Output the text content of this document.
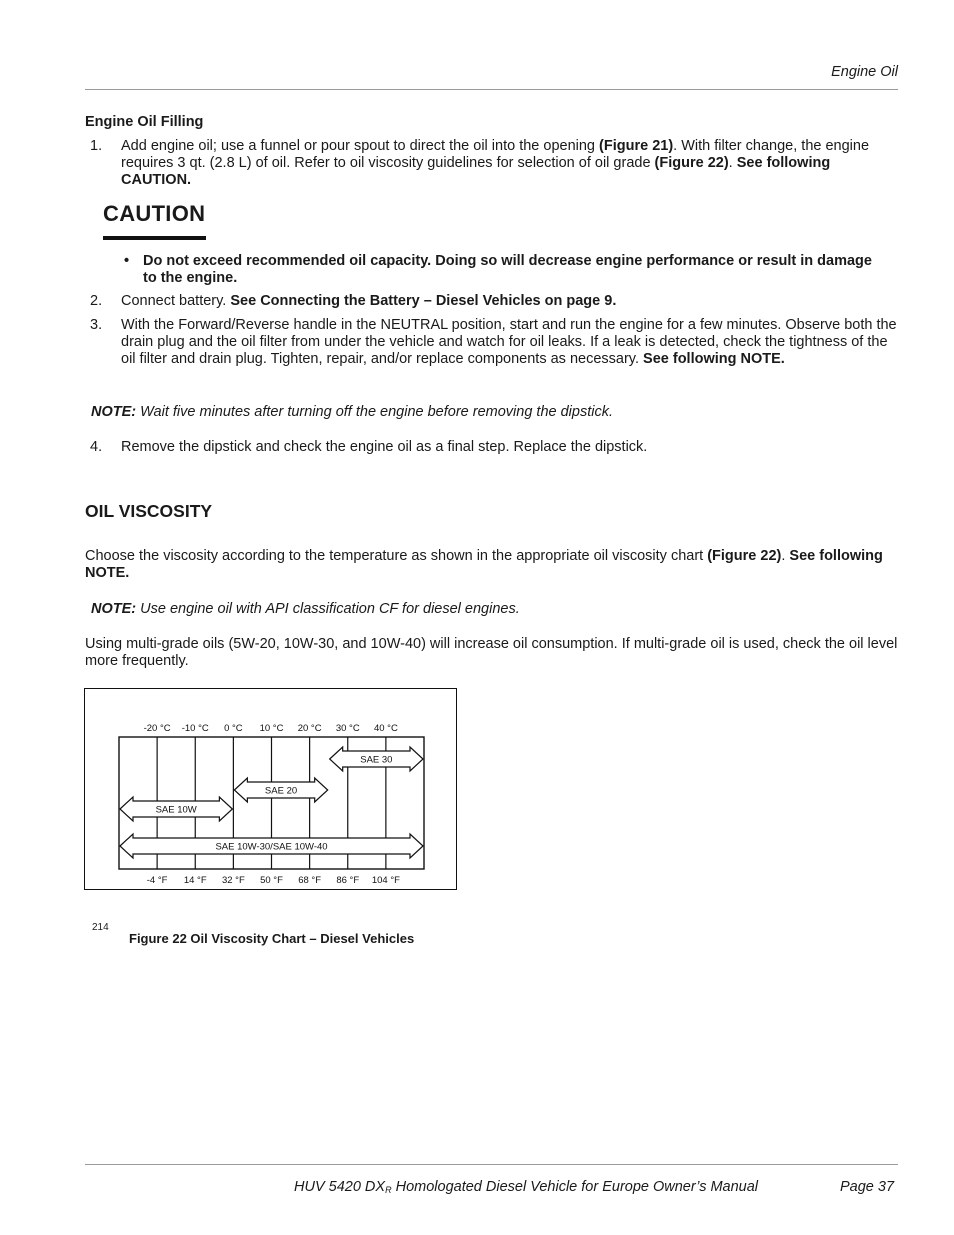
Engine Oil
Engine Oil Filling
1. Add engine oil; use a funnel or pour spout to direct the oil into the opening (Figure 21). With filter change, the engine requires 3 qt. (2.8 L) of oil. Refer to oil viscosity guidelines for selection of oil grade (Figure 22). See following CAUTION.
CAUTION
• Do not exceed recommended oil capacity. Doing so will decrease engine performance or result in damage to the engine.
2. Connect battery. See Connecting the Battery – Diesel Vehicles on page 9.
3. With the Forward/Reverse handle in the NEUTRAL position, start and run the engine for a few minutes. Observe both the drain plug and the oil filter from under the vehicle and watch for oil leaks. If a leak is detected, check the tightness of the oil filter and drain plug. Tighten, repair, and/or replace components as necessary. See following NOTE.
NOTE: Wait five minutes after turning off the engine before removing the dipstick.
4. Remove the dipstick and check the engine oil as a final step. Replace the dipstick.
OIL VISCOSITY
Choose the viscosity according to the temperature as shown in the appropriate oil viscosity chart (Figure 22). See following NOTE.
NOTE: Use engine oil with API classification CF for diesel engines.
Using multi-grade oils (5W-20, 10W-30, and 10W-40) will increase oil consumption. If multi-grade oil is used, check the oil level more frequently.
-20 °C
-4 °F
-10 °C
14 °F
0 °C
32 °F
10 °C
50 °F
20 °C
68 °F
30 °C
86 °F
40 °C
104 °F
SAE 30
SAE 20
SAE 10W
SAE 10W-30/SAE 10W-40
214
Figure 22 Oil Viscosity Chart – Diesel Vehicles
HUV 5420 $DX_R$ Homologated Diesel Vehicle for Europe Owner’s Manual	Page 37
